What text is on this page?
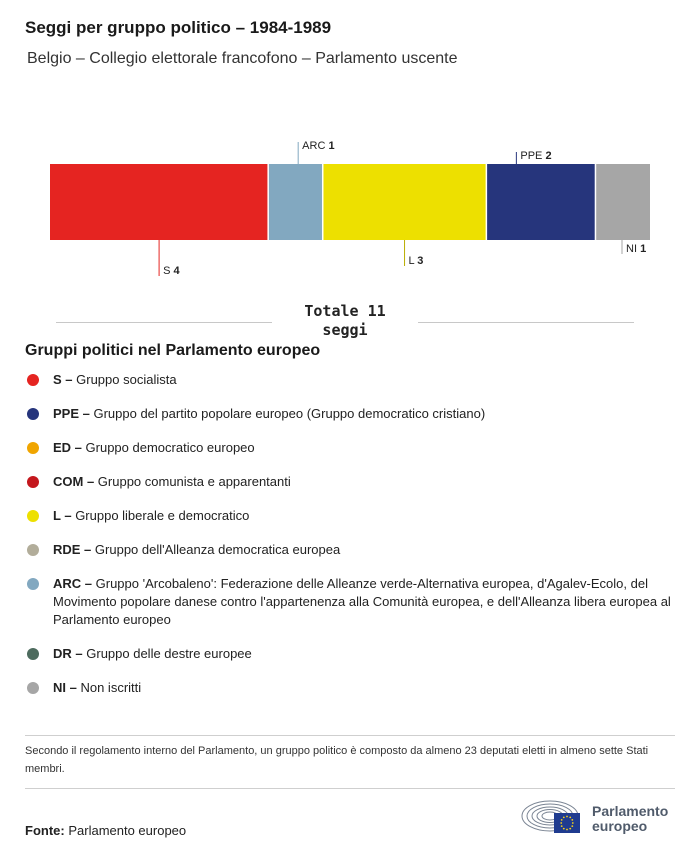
Seggi per gruppo politico – 1984-1989

Belgio – Collegio elettorale francofono – Parlamento uscente

S 4
ARC 1
L 3
PPE 2
NI 1
Totale 11
seggi
Gruppi politici nel Parlamento europeo
S – Gruppo socialista
PPE – Gruppo del partito popolare europeo (Gruppo democratico cristiano)
ED – Gruppo democratico europeo
COM – Gruppo comunista e apparentanti
L – Gruppo liberale e democratico
RDE – Gruppo dell'Alleanza democratica europea
ARC – Gruppo 'Arcobaleno': Federazione delle Alleanze verde-Alternativa europea, d'Agalev-Ecolo, del Movimento popolare danese contro l'appartenenza alla Comunità europea, e dell'Alleanza libera europea al Parlamento europeo
DR – Gruppo delle destre europee
NI – Non iscritti

Secondo il regolamento interno del Parlamento, un gruppo politico è composto da almeno 23 deputati eletti in almeno sette Stati membri.

Fonte: Parlamento europeo
Parlamento
europeo
